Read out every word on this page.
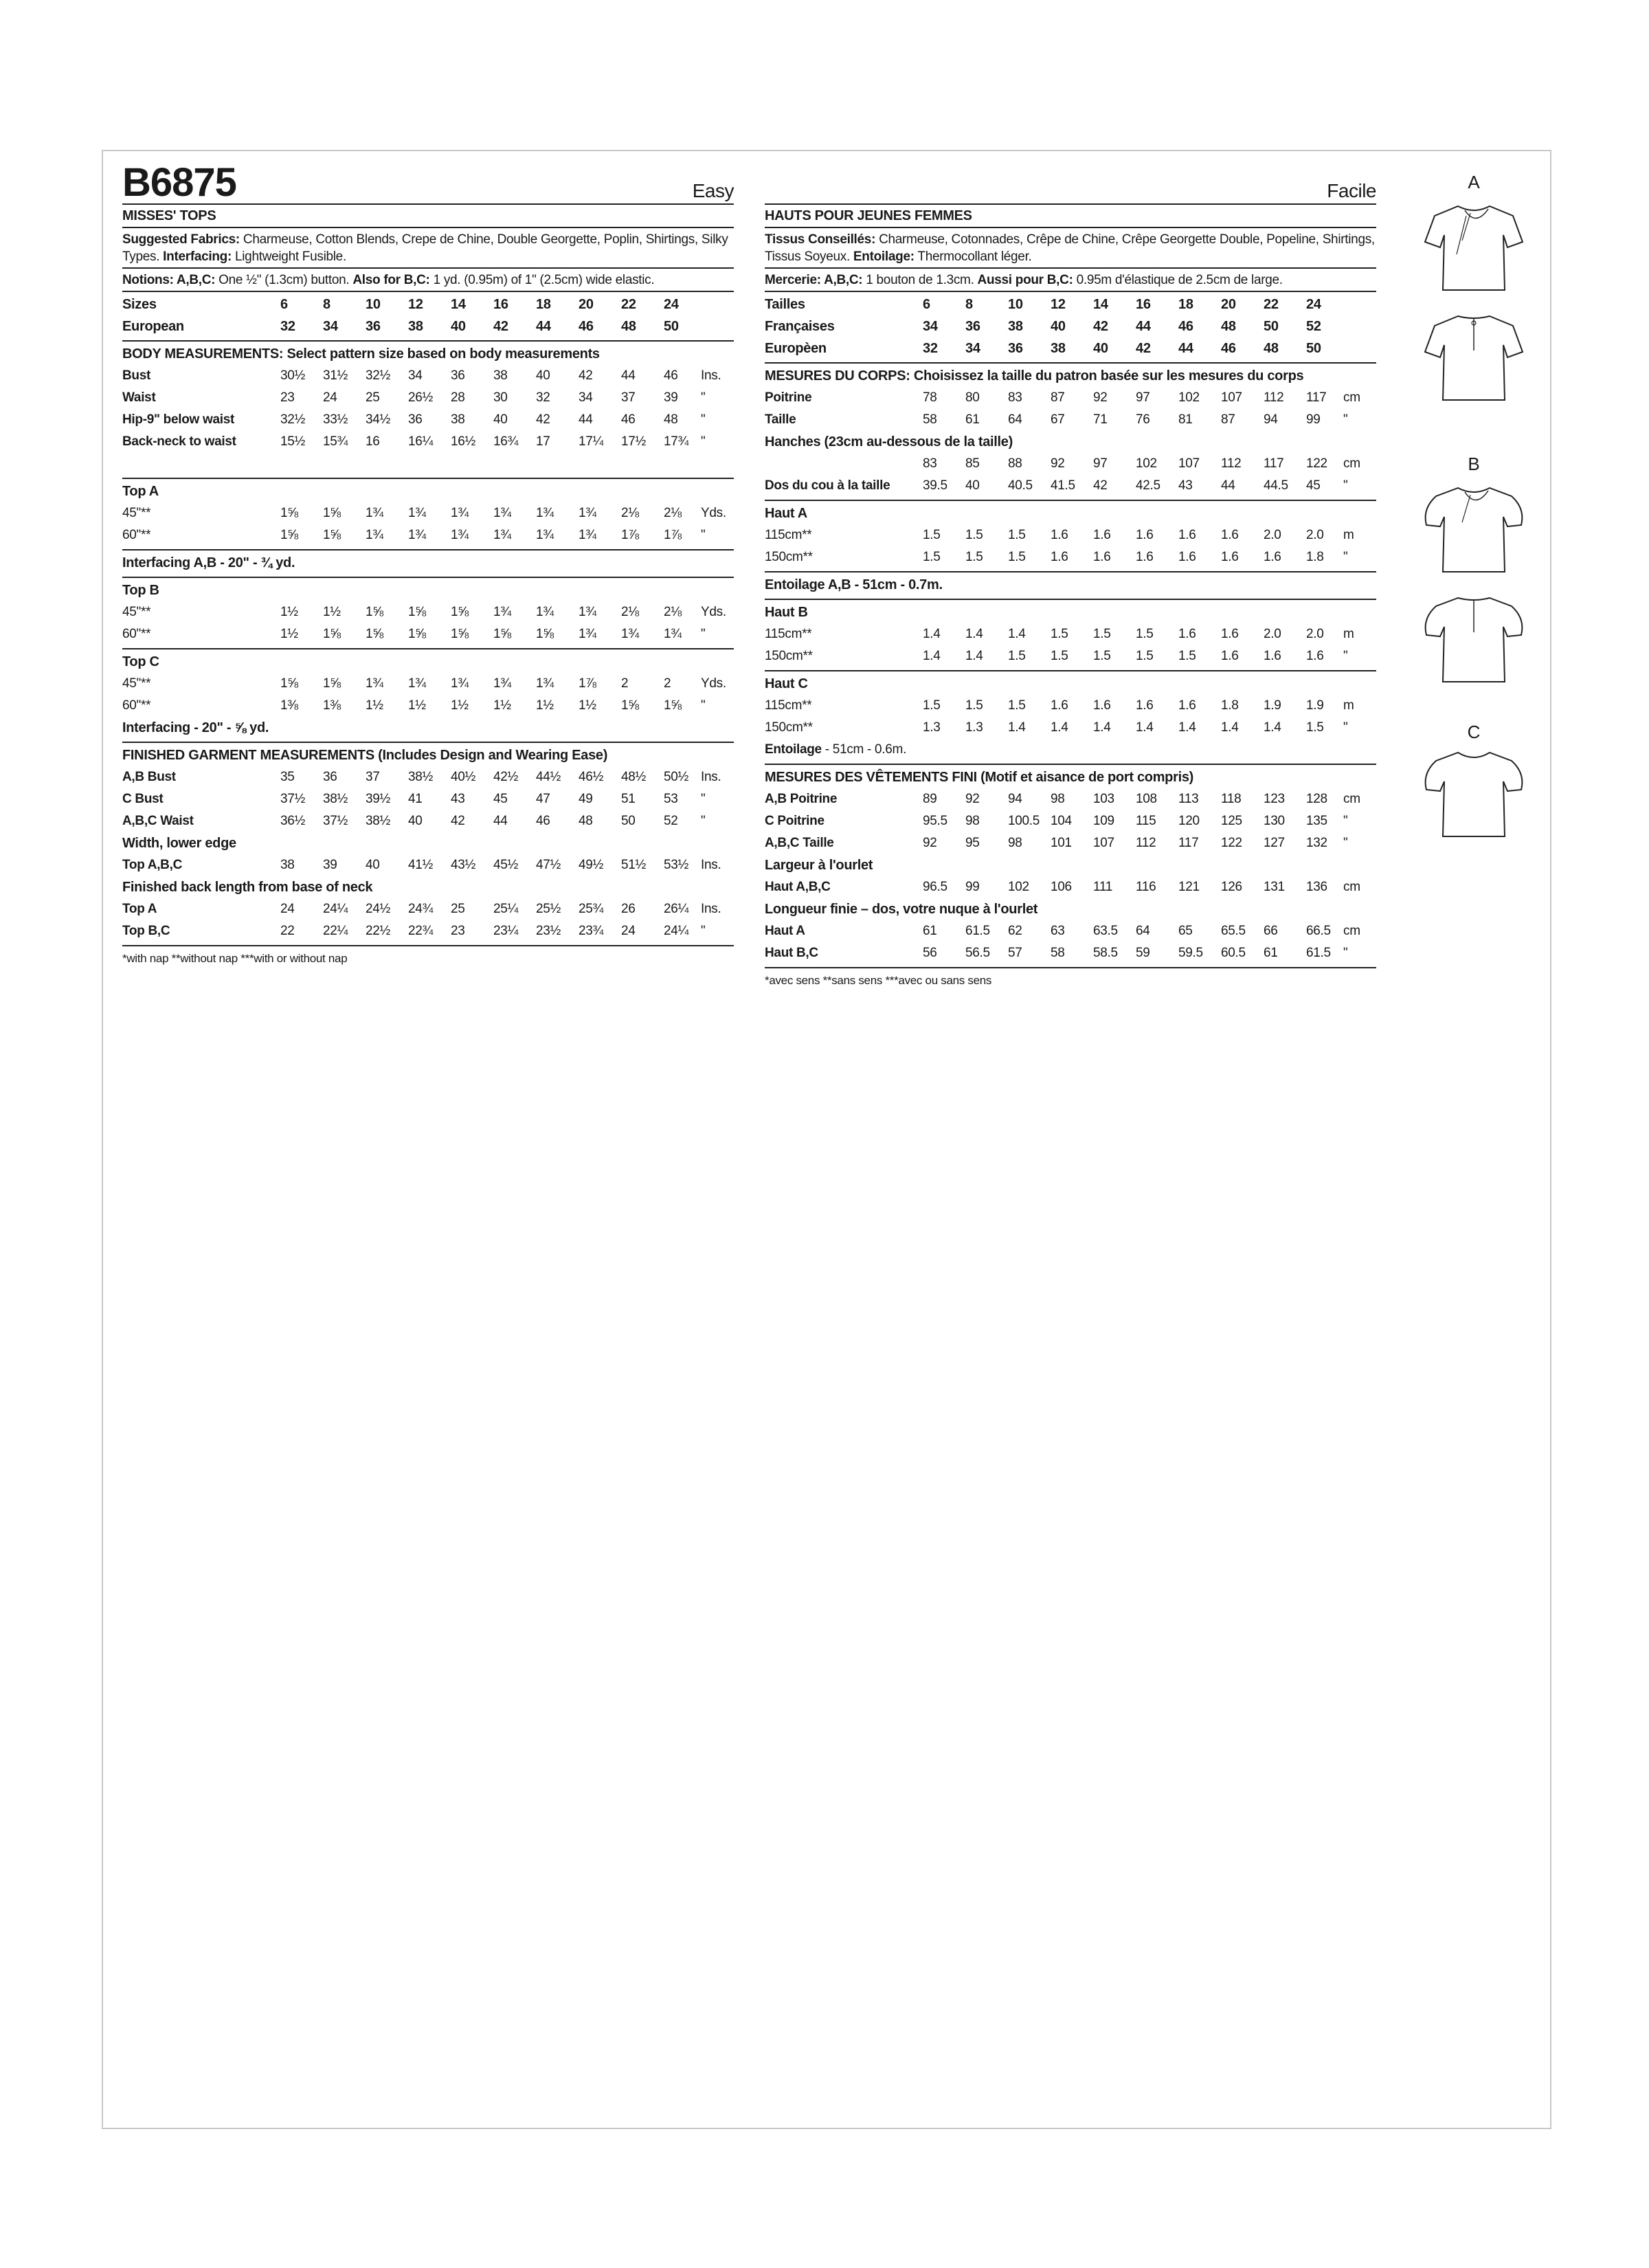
B6875	Easy
MISSES' TOPS
Suggested Fabrics: Charmeuse, Cotton Blends, Crepe de Chine, Double Georgette, Poplin, Shirtings, Silky Types. Interfacing: Lightweight Fusible.
Notions: A,B,C: One ½" (1.3cm) button. Also for B,C: 1 yd. (0.95m) of 1" (2.5cm) wide elastic.
Sizes	6	8	10 12 14 16 18 20 22 24
European	32 34 36 38 40 42 44 46 48 50
BODY MEASUREMENTS: Select pattern size based on body measurements
Bust	30½ 31½ 32½ 34 36 38 40 42 44 46 Ins.
Waist	23 24 25 26½ 28 30 32 34 37 39 "
Hip-9" below waist	32½ 33½ 34½ 36 38 40 42 44 46 48 "
Back-neck to waist	15½ 15¾ 16 16¼ 16½ 16¾ 17 17¼ 17½ 17¾ "
Top A
45"**	1⅝ 1⅝ 1¾ 1¾ 1¾ 1¾ 1¾ 1¾ 2⅛ 2⅛ Yds.
60"**	1⅝ 1⅝ 1¾ 1¾ 1¾ 1¾ 1¾ 1¾ 1⅞ 1⅞ "
Interfacing A,B - 20" - ¾ yd.
Top B
45"**	1½ 1½ 1⅝ 1⅝ 1⅝ 1¾ 1¾ 1¾ 2⅛ 2⅛ Yds.
60"**	1½ 1⅝ 1⅝ 1⅝ 1⅝ 1⅝ 1⅝ 1¾ 1¾ 1¾ "
Top C
45"**	1⅝ 1⅝ 1¾ 1¾ 1¾ 1¾ 1¾ 1⅞ 2	2 Yds.
60"**	1⅜ 1⅜ 1½ 1½ 1½ 1½ 1½ 1½ 1⅝ 1⅝ "
Interfacing - 20" - ⅝ yd.
FINISHED GARMENT MEASUREMENTS (Includes Design and Wearing Ease)
A,B Bust	35 36 37 38½ 40½ 42½ 44½ 46½ 48½ 50½ Ins.
C Bust	37½ 38½ 39½ 41 43 45 47 49 51 53 "
A,B,C Waist	36½ 37½ 38½ 40 42 44 46 48 50 52 "
Width, lower edge
Top A,B,C	38 39 40 41½ 43½ 45½ 47½ 49½ 51½ 53½ Ins.
Finished back length from base of neck
Top A	24 24¼ 24½ 24¾ 25 25¼ 25½ 25¾ 26 26¼ Ins.
Top B,C	22 22¼ 22½ 22¾ 23 23¼ 23½ 23¾ 24 24¼ "
*with nap **without nap ***with or without nap
Facile
HAUTS POUR JEUNES FEMMES
Tissus Conseillés: Charmeuse, Cotonnades, Crêpe de Chine, Crêpe Georgette Double, Popeline, Shirtings, Tissus Soyeux. Entoilage: Thermocollant léger.
Mercerie: A,B,C: 1 bouton de 1.3cm. Aussi pour B,C: 0.95m d'élastique de 2.5cm de large.
Tailles	6	8	10 12 14 16 18 20 22 24
Françaises	34 36 38 40 42 44 46 48 50 52
Europèen	32 34 36 38 40 42 44 46 48 50
MESURES DU CORPS: Choisissez la taille du patron basée sur les mesures du corps
Poitrine	78 80 83 87 92 97 102 107 112 117 cm
Taille	58 61 64 67 71 76 81 87 94 99 "
Hanches (23cm au-dessous de la taille)
83 85 88 92 97 102 107 112 117 122 cm
Dos du cou à la taille	39.5 40 40.5 41.5 42 42.5 43 44 44.5 45 "
Haut A
115cm**	1.5 1.5 1.5 1.6 1.6 1.6 1.6 1.6 2.0 2.0 m
150cm**	1.5 1.5 1.5 1.6 1.6 1.6 1.6 1.6 1.6 1.8 "
Entoilage A,B - 51cm - 0.7m.
Haut B
115cm**	1.4 1.4 1.4 1.5 1.5 1.5 1.6 1.6 2.0 2.0 m
150cm**	1.4 1.4 1.5 1.5 1.5 1.5 1.5 1.6 1.6 1.6 "
Haut C
115cm**	1.5 1.5 1.5 1.6 1.6 1.6 1.6 1.8 1.9 1.9 m
150cm**	1.3 1.3 1.4 1.4 1.4 1.4 1.4 1.4 1.4 1.5 "
Entoilage - 51cm - 0.6m.
MESURES DES VÊTEMENTS FINI (Motif et aisance de port compris)
A,B Poitrine	89 92 94 98 103 108 113 118 123 128 cm
C Poitrine	95.5 98 100.5 104 109 115 120 125 130 135 "
A,B,C Taille	92 95 98 101 107 112 117 122 127 132 "
Largeur à l'ourlet
Haut A,B,C	96.5 99 102 106 111 116 121 126 131 136 cm
Longueur finie – dos, votre nuque à l'ourlet
Haut A	61 61.5 62 63 63.5 64 65 65.5 66 66.5 cm
Haut B,C	56 56.5 57 58 58.5 59 59.5 60.5 61 61.5 "
*avec sens **sans sens ***avec ou sans sens
A
B
C
